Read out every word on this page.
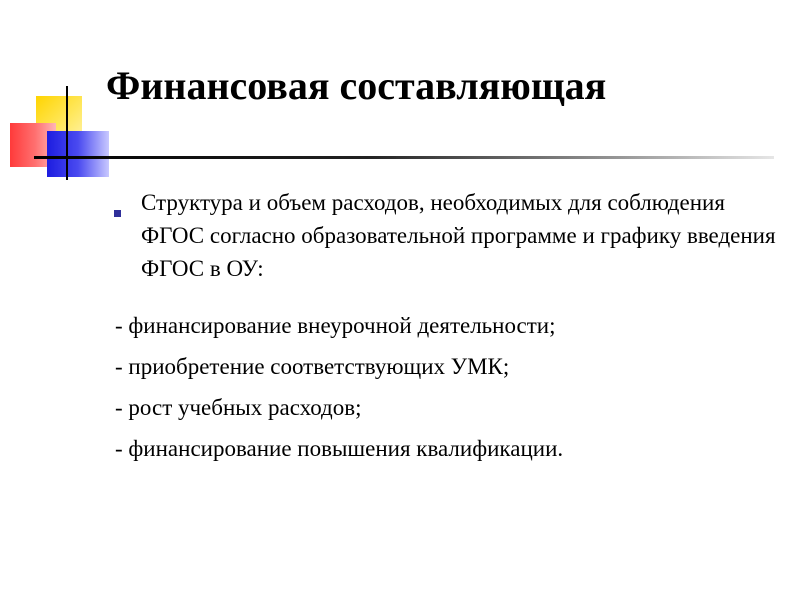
Финансовая составляющая

Структура и объем расходов, необходимых для соблюдения ФГОС согласно образовательной программе и графику введения ФГОС в ОУ:

- финансирование внеурочной деятельности;
- приобретение соответствующих УМК;
- рост учебных расходов;
- финансирование повышения квалификации.
